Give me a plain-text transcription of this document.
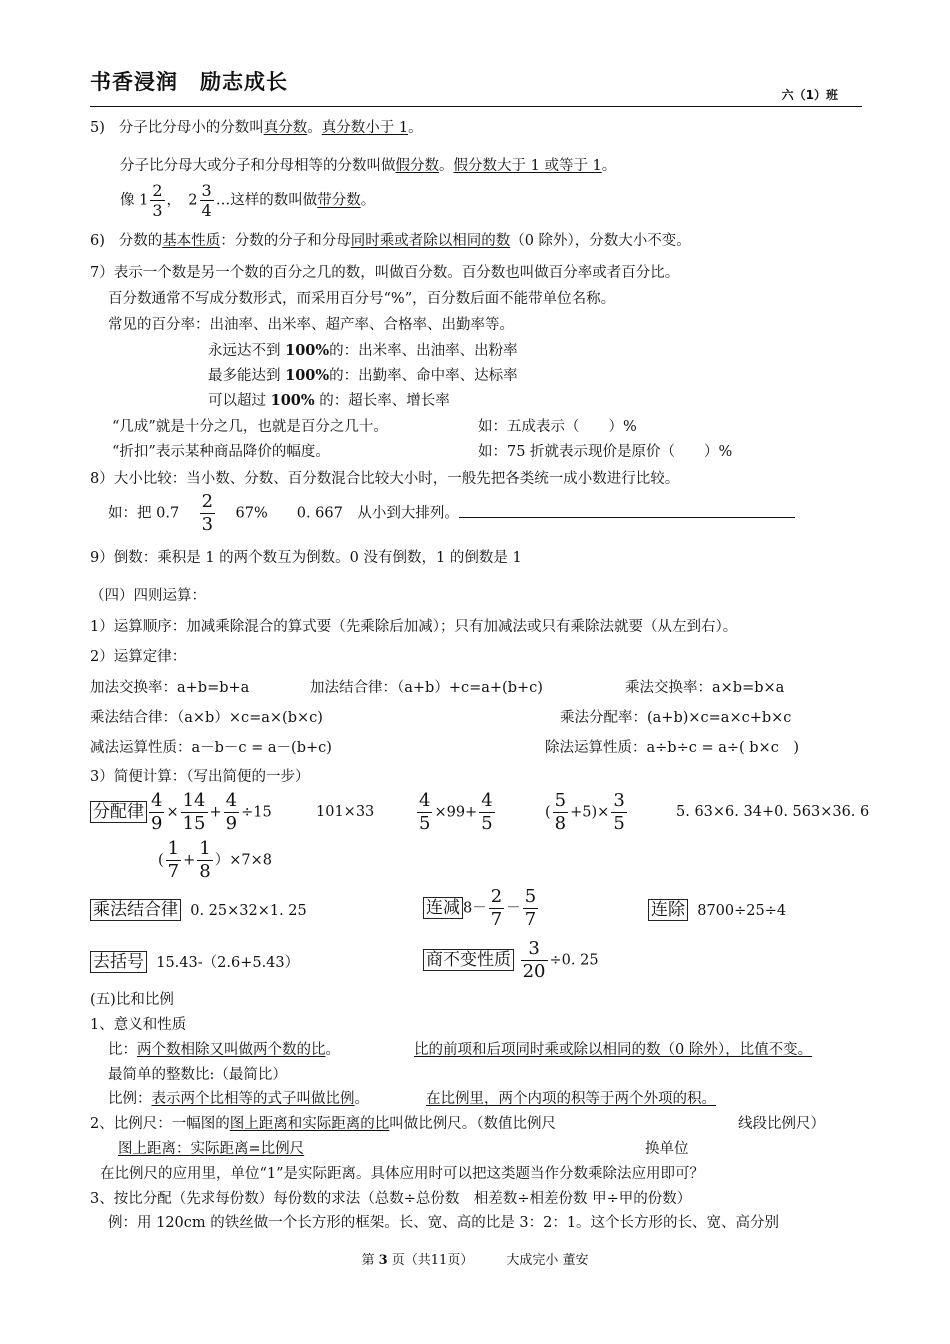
书香浸润　励志成长
六（1）班
5) 分子比分母小的分数叫真分数。真分数小于 1。
分子比分母大或分子和分母相等的分数叫做假分数。假分数大于 1 或等于 1。
像 $1 \frac{2}{3}$ ，　$2 \frac{3}{4}$ …这样的数叫做带分数。
6) 分数的基本性质：分数的分子和分母同时乘或者除以相同的数（0 除外），分数大小不变。
7）表示一个数是另一个数的百分之几的数，叫做百分数。百分数也叫做百分率或者百分比。
百分数通常不写成分数形式，而采用百分号“%”，百分数后面不能带单位名称。
常见的百分率：出油率、出米率、超产率、合格率、出勤率等。
永远达不到 100%的：出米率、出油率、出粉率
最多能达到 100%的：出勤率、命中率、达标率
可以超过 100% 的：超长率、增长率
“几成”就是十分之几，也就是百分之几十。	如：五成表示（　　）%
“折扣”表示某种商品降价的幅度。	如：75 折就表示现价是原价（　　）%
8）大小比较：当小数、分数、百分数混合比较大小时，一般先把各类统一成小数进行比较。
如：把 $0.7 \frac{2}{3} 67\%$　　0. 667　从小到大排列。
9）倒数：乘积是 1 的两个数互为倒数。0 没有倒数，1 的倒数是 1
（四）四则运算：
1）运算顺序：加减乘除混合的算式要（先乘除后加减）；只有加减法或只有乘除法就要（从左到右）。
2）运算定律：
加法交换率：a+b=b+a	加法结合律：（a+b）+c=a+(b+c)	乘法交换率：a×b=b×a
乘法结合律：（a×b）×c=a×(b×c)	乘法分配率：(a+b)×c=a×c+b×c
减法运算性质：a－b－c = a－(b+c)	除法运算性质：a÷b÷c = a÷( b×c　)
3）简便计算：（写出简便的一步）
分配律 $\frac{4}{9} \times \frac{14}{15} + \frac{4}{9} \div 15$	$101\times 33 \frac{4}{5} \times 99+ \frac{4}{5}$	( $\frac{5}{8} +5)\times \frac{3}{5}$	5. 63×6. 34+0. 563×36. 6
( $\frac{1}{7} + \frac{1}{8} )\times 7\times 8$
乘法结合律 0. 25×32×1. 25	连减 $8- \frac{2}{7} - \frac{5}{7}$	连除 8700÷25÷4
去括号 15.43-（2.6+5.43）	商不变性质 $\frac{3}{20} \div 0$. 25
(五)比和比例
1、意义和性质
比：两个数相除又叫做两个数的比。	比的前项和后项同时乘或除以相同的数（0 除外），比值不变。
最简单的整数比:（最简比）
比例：表示两个比相等的式子叫做比例。	在比例里，两个内项的积等于两个外项的积。
2、比例尺：一幅图的图上距离和实际距离的比叫做比例尺。（数值比例尺	线段比例尺）
图上距离：实际距离=比例尺	换单位
在比例尺的应用里，单位“1”是实际距离。具体应用时可以把这类题当作分数乘除法应用即可？
3、按比分配（先求每份数）每份数的求法（总数÷总份数　相差数÷相差份数 甲÷甲的份数）
例：用 120cm 的铁丝做一个长方形的框架。长、宽、高的比是 3：2：1。这个长方形的长、宽、高分别
第 3 页（共11页）	大成完小 董安
